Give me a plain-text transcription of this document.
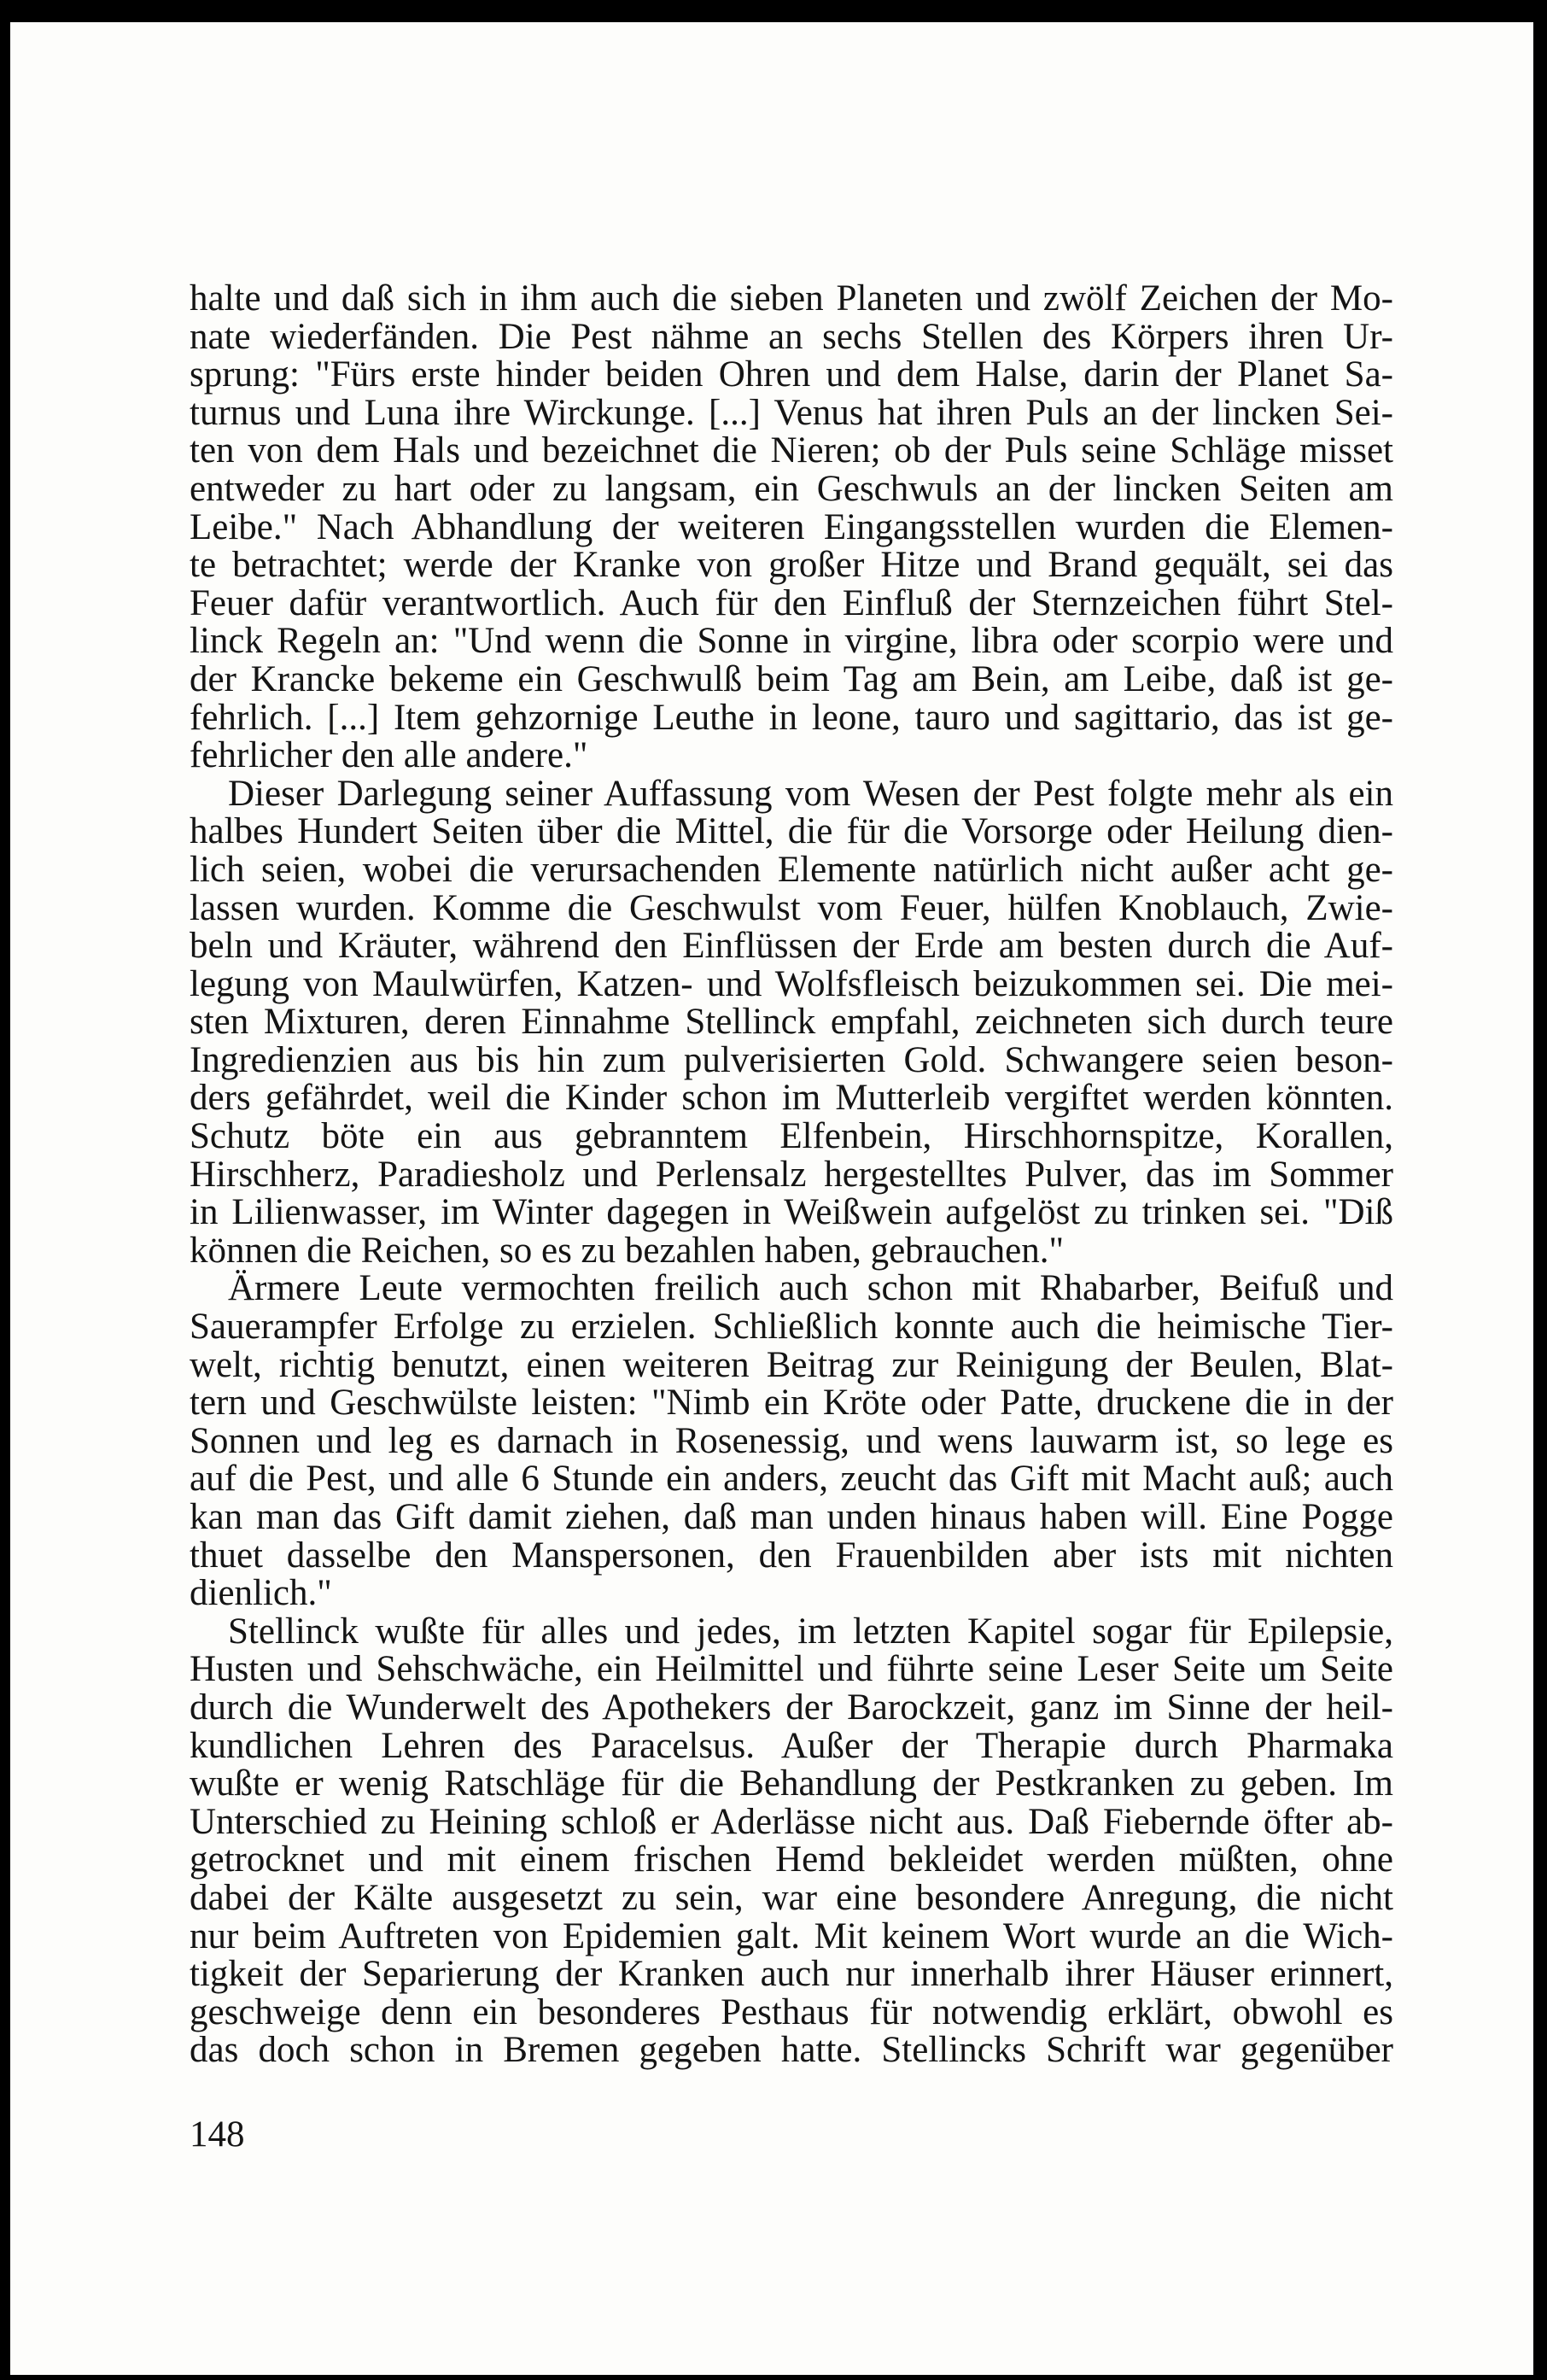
halte und daß sich in ihm auch die sieben Planeten und zwölf Zeichen der Mo-
nate wiederfänden. Die Pest nähme an sechs Stellen des Körpers ihren Ur-
sprung: "Fürs erste hinder beiden Ohren und dem Halse, darin der Planet Sa-
turnus und Luna ihre Wirckunge. [...] Venus hat ihren Puls an der lincken Sei-
ten von dem Hals und bezeichnet die Nieren; ob der Puls seine Schläge misset
entweder zu hart oder zu langsam, ein Geschwuls an der lincken Seiten am
Leibe." Nach Abhandlung der weiteren Eingangsstellen wurden die Elemen-
te betrachtet; werde der Kranke von großer Hitze und Brand gequält, sei das
Feuer dafür verantwortlich. Auch für den Einfluß der Sternzeichen führt Stel-
linck Regeln an: "Und wenn die Sonne in virgine, libra oder scorpio were und
der Krancke bekeme ein Geschwulß beim Tag am Bein, am Leibe, daß ist ge-
fehrlich. [...] Item gehzornige Leuthe in leone, tauro und sagittario, das ist ge-
fehrlicher den alle andere."
Dieser Darlegung seiner Auffassung vom Wesen der Pest folgte mehr als ein
halbes Hundert Seiten über die Mittel, die für die Vorsorge oder Heilung dien-
lich seien, wobei die verursachenden Elemente natürlich nicht außer acht ge-
lassen wurden. Komme die Geschwulst vom Feuer, hülfen Knoblauch, Zwie-
beln und Kräuter, während den Einflüssen der Erde am besten durch die Auf-
legung von Maulwürfen, Katzen- und Wolfsfleisch beizukommen sei. Die mei-
sten Mixturen, deren Einnahme Stellinck empfahl, zeichneten sich durch teure
Ingredienzien aus bis hin zum pulverisierten Gold. Schwangere seien beson-
ders gefährdet, weil die Kinder schon im Mutterleib vergiftet werden könnten.
Schutz böte ein aus gebranntem Elfenbein, Hirschhornspitze, Korallen,
Hirschherz, Paradiesholz und Perlensalz hergestelltes Pulver, das im Sommer
in Lilienwasser, im Winter dagegen in Weißwein aufgelöst zu trinken sei. "Diß
können die Reichen, so es zu bezahlen haben, gebrauchen."
Ärmere Leute vermochten freilich auch schon mit Rhabarber, Beifuß und
Sauerampfer Erfolge zu erzielen. Schließlich konnte auch die heimische Tier-
welt, richtig benutzt, einen weiteren Beitrag zur Reinigung der Beulen, Blat-
tern und Geschwülste leisten: "Nimb ein Kröte oder Patte, druckene die in der
Sonnen und leg es darnach in Rosenessig, und wens lauwarm ist, so lege es
auf die Pest, und alle 6 Stunde ein anders, zeucht das Gift mit Macht auß; auch
kan man das Gift damit ziehen, daß man unden hinaus haben will. Eine Pogge
thuet dasselbe den Manspersonen, den Frauenbilden aber ists mit nichten
dienlich."
Stellinck wußte für alles und jedes, im letzten Kapitel sogar für Epilepsie,
Husten und Sehschwäche, ein Heilmittel und führte seine Leser Seite um Seite
durch die Wunderwelt des Apothekers der Barockzeit, ganz im Sinne der heil-
kundlichen Lehren des Paracelsus. Außer der Therapie durch Pharmaka
wußte er wenig Ratschläge für die Behandlung der Pestkranken zu geben. Im
Unterschied zu Heining schloß er Aderlässe nicht aus. Daß Fiebernde öfter ab-
getrocknet und mit einem frischen Hemd bekleidet werden müßten, ohne
dabei der Kälte ausgesetzt zu sein, war eine besondere Anregung, die nicht
nur beim Auftreten von Epidemien galt. Mit keinem Wort wurde an die Wich-
tigkeit der Separierung der Kranken auch nur innerhalb ihrer Häuser erinnert,
geschweige denn ein besonderes Pesthaus für notwendig erklärt, obwohl es
das doch schon in Bremen gegeben hatte. Stellincks Schrift war gegenüber
148
